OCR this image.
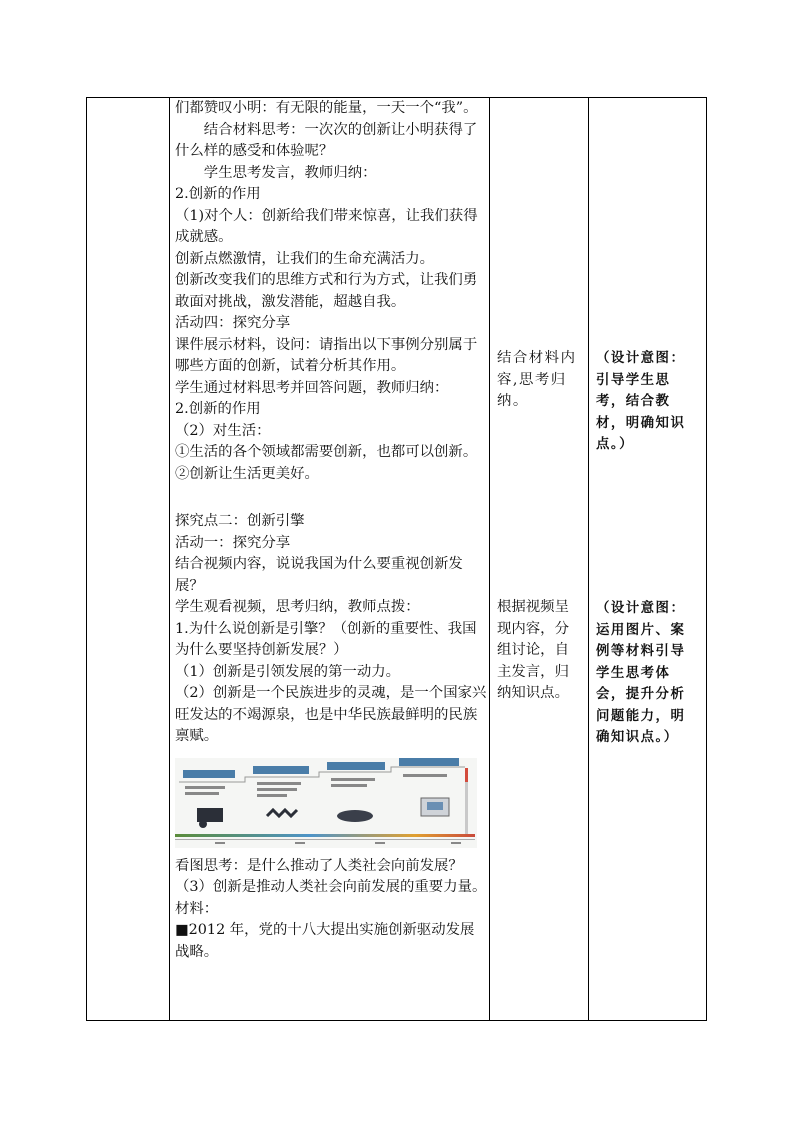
们都赞叹小明：有无限的能量，一天一个“我”。

结合材料思考：一次次的创新让小明获得了什么样的感受和体验呢？

学生思考发言，教师归纳：

2.创新的作用

（1)对个人：创新给我们带来惊喜，让我们获得成就感。

创新点燃激情，让我们的生命充满活力。

创新改变我们的思维方式和行为方式，让我们勇敢面对挑战，激发潜能，超越自我。

活动四：探究分享

课件展示材料，设问：请指出以下事例分别属于哪些方面的创新，试着分析其作用。

学生通过材料思考并回答问题，教师归纳：

2.创新的作用

（2）对生活：

①生活的各个领域都需要创新，也都可以创新。

②创新让生活更美好。

探究点二：创新引擎

活动一：探究分享

结合视频内容，说说我国为什么要重视创新发展？

学生观看视频，思考归纳，教师点拨：

1.为什么说创新是引擎？（创新的重要性、我国为什么要坚持创新发展？）

（1）创新是引领发展的第一动力。

（2）创新是一个民族进步的灵魂，是一个国家兴旺发达的不竭源泉，也是中华民族最鲜明的民族禀赋。

看图思考：是什么推动了人类社会向前发展？

（3）创新是推动人类社会向前发展的重要力量。

材料：

■2012 年，党的十八大提出实施创新驱动发展战略。

结合材料内容,思考归纳。
根据视频呈现内容，分组讨论，自主发言，归纳知识点。
（设计意图：引导学生思考，结合教材，明确知识点。）
（设计意图：运用图片、案例等材料引导学生思考体会，提升分析问题能力，明确知识点。）
